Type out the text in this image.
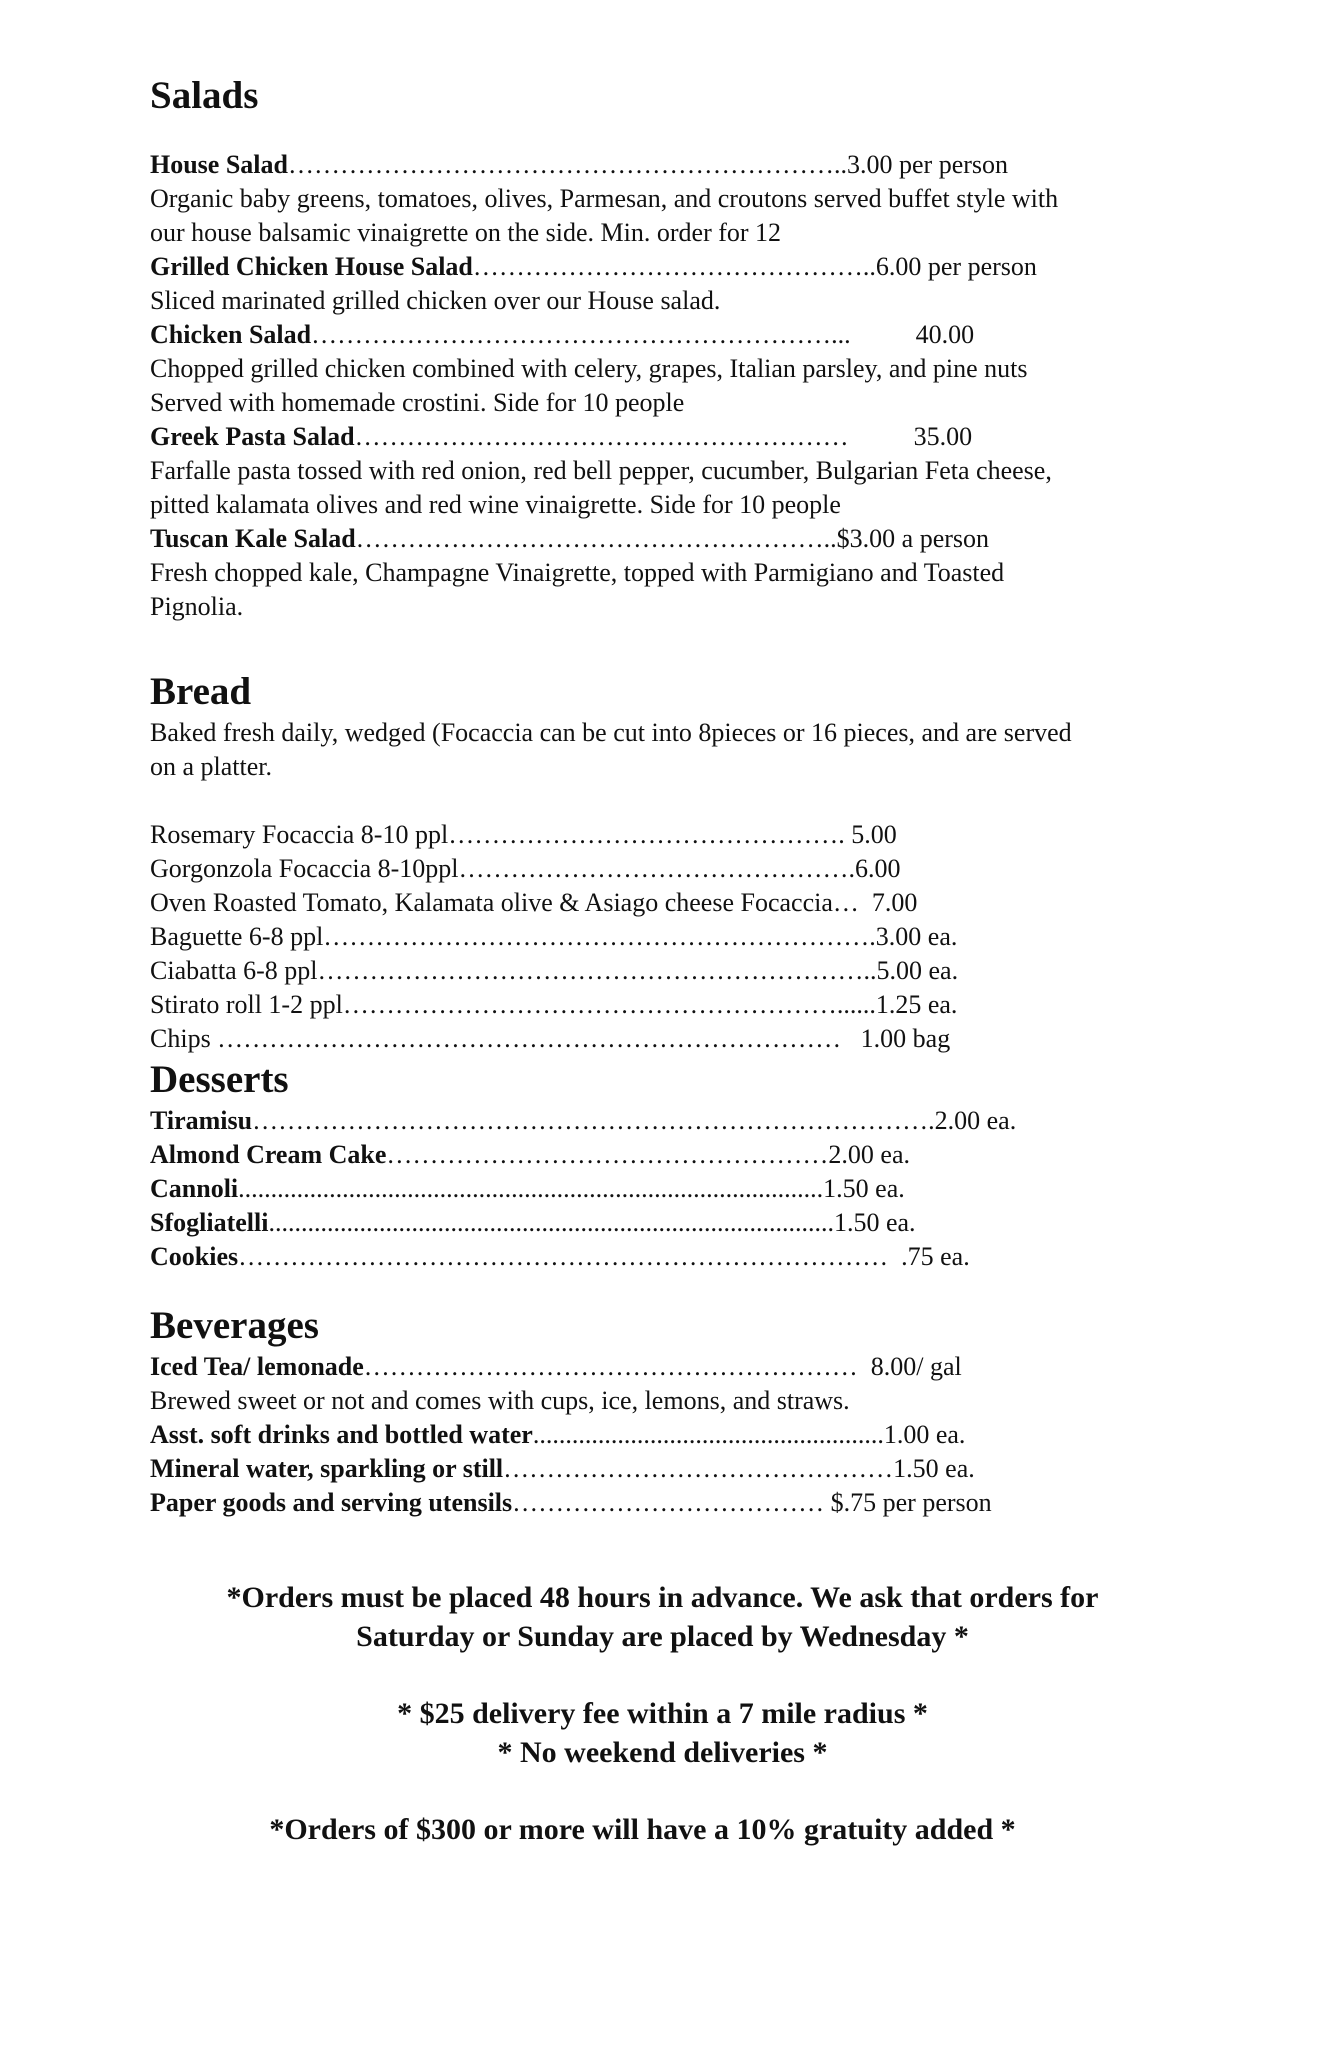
Salads

House Salad………………………………………………………..3.00 per person

Organic baby greens, tomatoes, olives, Parmesan, and croutons served buffet style with

our house balsamic vinaigrette on the side. Min. order for 12

Grilled Chicken House Salad………………………………………..6.00 per person

Sliced marinated grilled chicken over our House salad.

Chicken Salad……………………………………………………...          40.00

Chopped grilled chicken combined with celery, grapes, Italian parsley, and pine nuts

Served with homemade crostini. Side for 10 people

Greek Pasta Salad…………………………………………………          35.00

Farfalle pasta tossed with red onion, red bell pepper, cucumber, Bulgarian Feta cheese,

pitted kalamata olives and red wine vinaigrette. Side for 10 people

Tuscan Kale Salad………………………………………………..$3.00 a person

Fresh chopped kale, Champagne Vinaigrette, topped with Parmigiano and Toasted

Pignolia.

Bread

Baked fresh daily, wedged (Focaccia can be cut into 8pieces or 16 pieces, and are served

on a platter.

Rosemary Focaccia 8-10 ppl………………………………………. 5.00

Gorgonzola Focaccia 8-10ppl……………………………………….6.00

Oven Roasted Tomato, Kalamata olive & Asiago cheese Focaccia…  7.00

Baguette 6-8 ppl……………………………………………………….3.00 ea.

Ciabatta 6-8 ppl………………………………………………………..5.00 ea.

Stirato roll 1-2 ppl…………………………………………………......1.25 ea.

Chips ………………………………………………………………   1.00 bag

Desserts

Tiramisu…………………………………………………………………….2.00 ea.

Almond Cream Cake……………………………………………2.00 ea.

Cannoli..........................................................................................1.50 ea.

Sfogliatelli.......................................................................................1.50 ea.

Cookies…………………………………………………………………  .75 ea.

Beverages

Iced Tea/ lemonade…………………………………………………  8.00/ gal

Brewed sweet or not and comes with cups, ice, lemons, and straws.

Asst. soft drinks and bottled water......................................................1.00 ea.

Mineral water, sparkling or still………………………………………1.50 ea.

Paper goods and serving utensils……………………………… $.75 per person

*Orders must be placed 48 hours in advance. We ask that orders for
Saturday or Sunday are placed by Wednesday *
* $25 delivery fee within a 7 mile radius *
* No weekend deliveries *
*Orders of $300 or more will have a 10% gratuity added *
